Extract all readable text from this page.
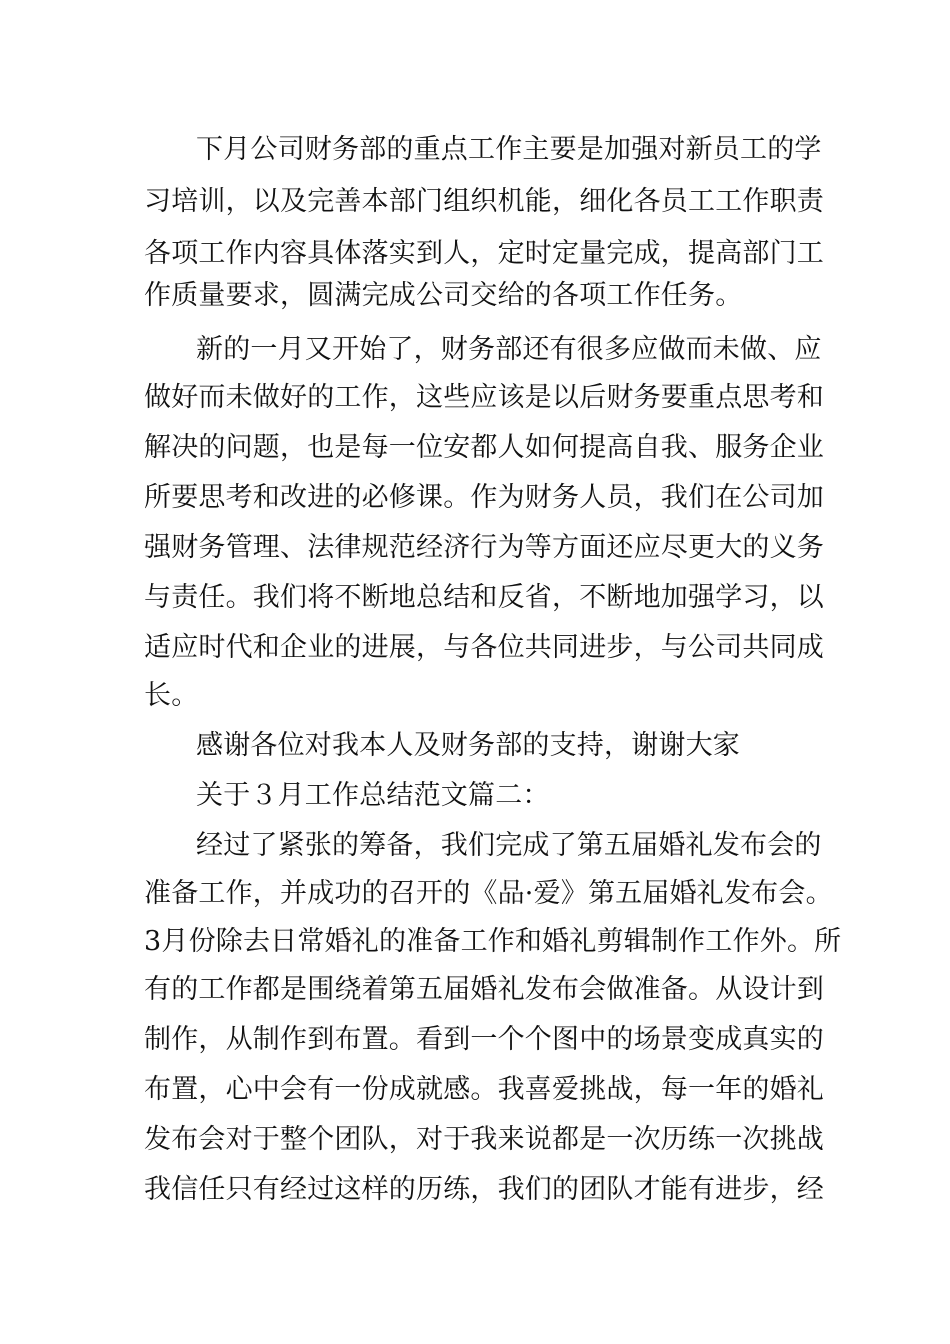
下月公司财务部的重点工作主要是加强对新员工的学
习培训，以及完善本部门组织机能，细化各员工工作职责
各项工作内容具体落实到人，定时定量完成，提高部门工
作质量要求，圆满完成公司交给的各项工作任务。
新的一月又开始了，财务部还有很多应做而未做、应
做好而未做好的工作，这些应该是以后财务要重点思考和
解决的问题，也是每一位安都人如何提高自我、服务企业
所要思考和改进的必修课。作为财务人员，我们在公司加
强财务管理、法律规范经济行为等方面还应尽更大的义务
与责任。我们将不断地总结和反省，不断地加强学习，以
适应时代和企业的进展，与各位共同进步，与公司共同成
长。
感谢各位对我本人及财务部的支持，谢谢大家
关于３月工作总结范文篇二：
经过了紧张的筹备，我们完成了第五届婚礼发布会的
准备工作，并成功的召开的《品·爱》第五届婚礼发布会。
3月份除去日常婚礼的准备工作和婚礼剪辑制作工作外。所
有的工作都是围绕着第五届婚礼发布会做准备。从设计到
制作，从制作到布置。看到一个个图中的场景变成真实的
布置，心中会有一份成就感。我喜爱挑战，每一年的婚礼
发布会对于整个团队，对于我来说都是一次历练一次挑战
我信任只有经过这样的历练，我们的团队才能有进步，经
